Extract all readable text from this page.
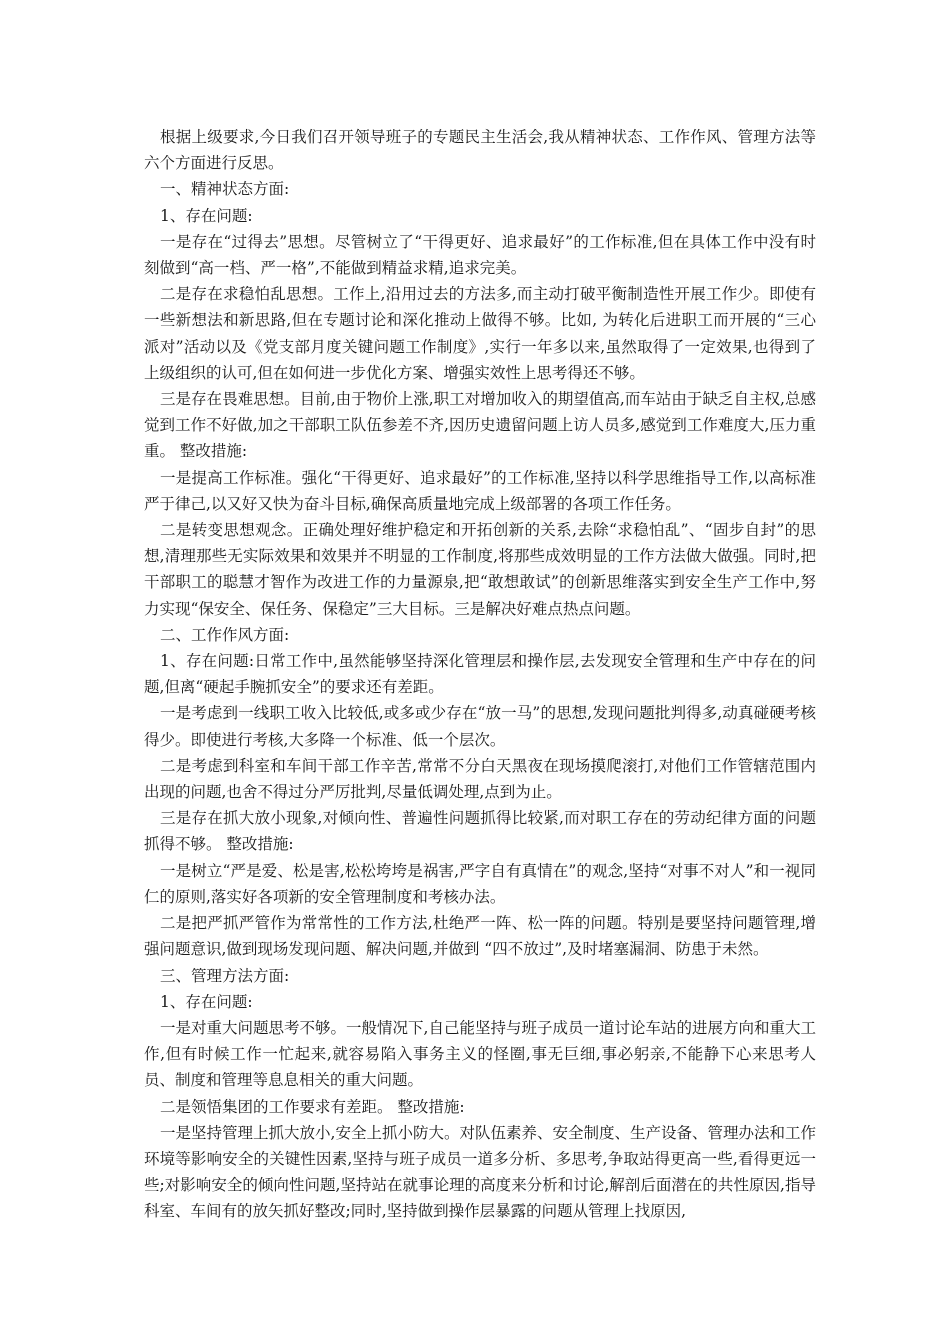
根据上级要求,今日我们召开领导班子的专题民主生活会,我从精神状态、工作作风、管理方法等六个方面进行反思。

一、精神状态方面:

1、存在问题:

一是存在“过得去”思想。尽管树立了“干得更好、追求最好”的工作标准,但在具体工作中没有时刻做到“高一档、严一格”,不能做到精益求精,追求完美。

二是存在求稳怕乱思想。工作上,沿用过去的方法多,而主动打破平衡制造性开展工作少。即使有一些新想法和新思路,但在专题讨论和深化推动上做得不够。比如, 为转化后进职工而开展的“三心派对”活动以及《党支部月度关键问题工作制度》,实行一年多以来,虽然取得了一定效果,也得到了上级组织的认可,但在如何进一步优化方案、增强实效性上思考得还不够。

三是存在畏难思想。目前,由于物价上涨,职工对增加收入的期望值高,而车站由于缺乏自主权,总感觉到工作不好做,加之干部职工队伍参差不齐,因历史遗留问题上访人员多,感觉到工作难度大,压力重重。 整改措施:

一是提高工作标准。强化“干得更好、追求最好”的工作标准,坚持以科学思维指导工作,以高标准严于律己,以又好又快为奋斗目标,确保高质量地完成上级部署的各项工作任务。

二是转变思想观念。正确处理好维护稳定和开拓创新的关系,去除“求稳怕乱”、“固步自封”的思想,清理那些无实际效果和效果并不明显的工作制度,将那些成效明显的工作方法做大做强。同时,把干部职工的聪慧才智作为改进工作的力量源泉,把“敢想敢试”的创新思维落实到安全生产工作中,努力实现“保安全、保任务、保稳定”三大目标。三是解决好难点热点问题。

二、工作作风方面:

1、存在问题:日常工作中,虽然能够坚持深化管理层和操作层,去发现安全管理和生产中存在的问题,但离“硬起手腕抓安全”的要求还有差距。

一是考虑到一线职工收入比较低,或多或少存在“放一马”的思想,发现问题批判得多,动真碰硬考核得少。即使进行考核,大多降一个标准、低一个层次。

二是考虑到科室和车间干部工作辛苦,常常不分白天黑夜在现场摸爬滚打,对他们工作管辖范围内出现的问题,也舍不得过分严厉批判,尽量低调处理,点到为止。

三是存在抓大放小现象,对倾向性、普遍性问题抓得比较紧,而对职工存在的劳动纪律方面的问题抓得不够。 整改措施:

一是树立“严是爱、松是害,松松垮垮是祸害,严字自有真情在”的观念,坚持“对事不对人”和一视同仁的原则,落实好各项新的安全管理制度和考核办法。

二是把严抓严管作为常常性的工作方法,杜绝严一阵、松一阵的问题。特别是要坚持问题管理,增强问题意识,做到现场发现问题、解决问题,并做到 “四不放过”,及时堵塞漏洞、防患于未然。

三、管理方法方面:

1、存在问题:

一是对重大问题思考不够。一般情况下,自己能坚持与班子成员一道讨论车站的进展方向和重大工作,但有时候工作一忙起来,就容易陷入事务主义的怪圈,事无巨细,事必躬亲,不能静下心来思考人员、制度和管理等息息相关的重大问题。

二是领悟集团的工作要求有差距。 整改措施:

一是坚持管理上抓大放小,安全上抓小防大。对队伍素养、安全制度、生产设备、管理办法和工作环境等影响安全的关键性因素,坚持与班子成员一道多分析、多思考,争取站得更高一些,看得更远一些;对影响安全的倾向性问题,坚持站在就事论理的高度来分析和讨论,解剖后面潜在的共性原因,指导科室、车间有的放矢抓好整改;同时,坚持做到操作层暴露的问题从管理上找原因,
